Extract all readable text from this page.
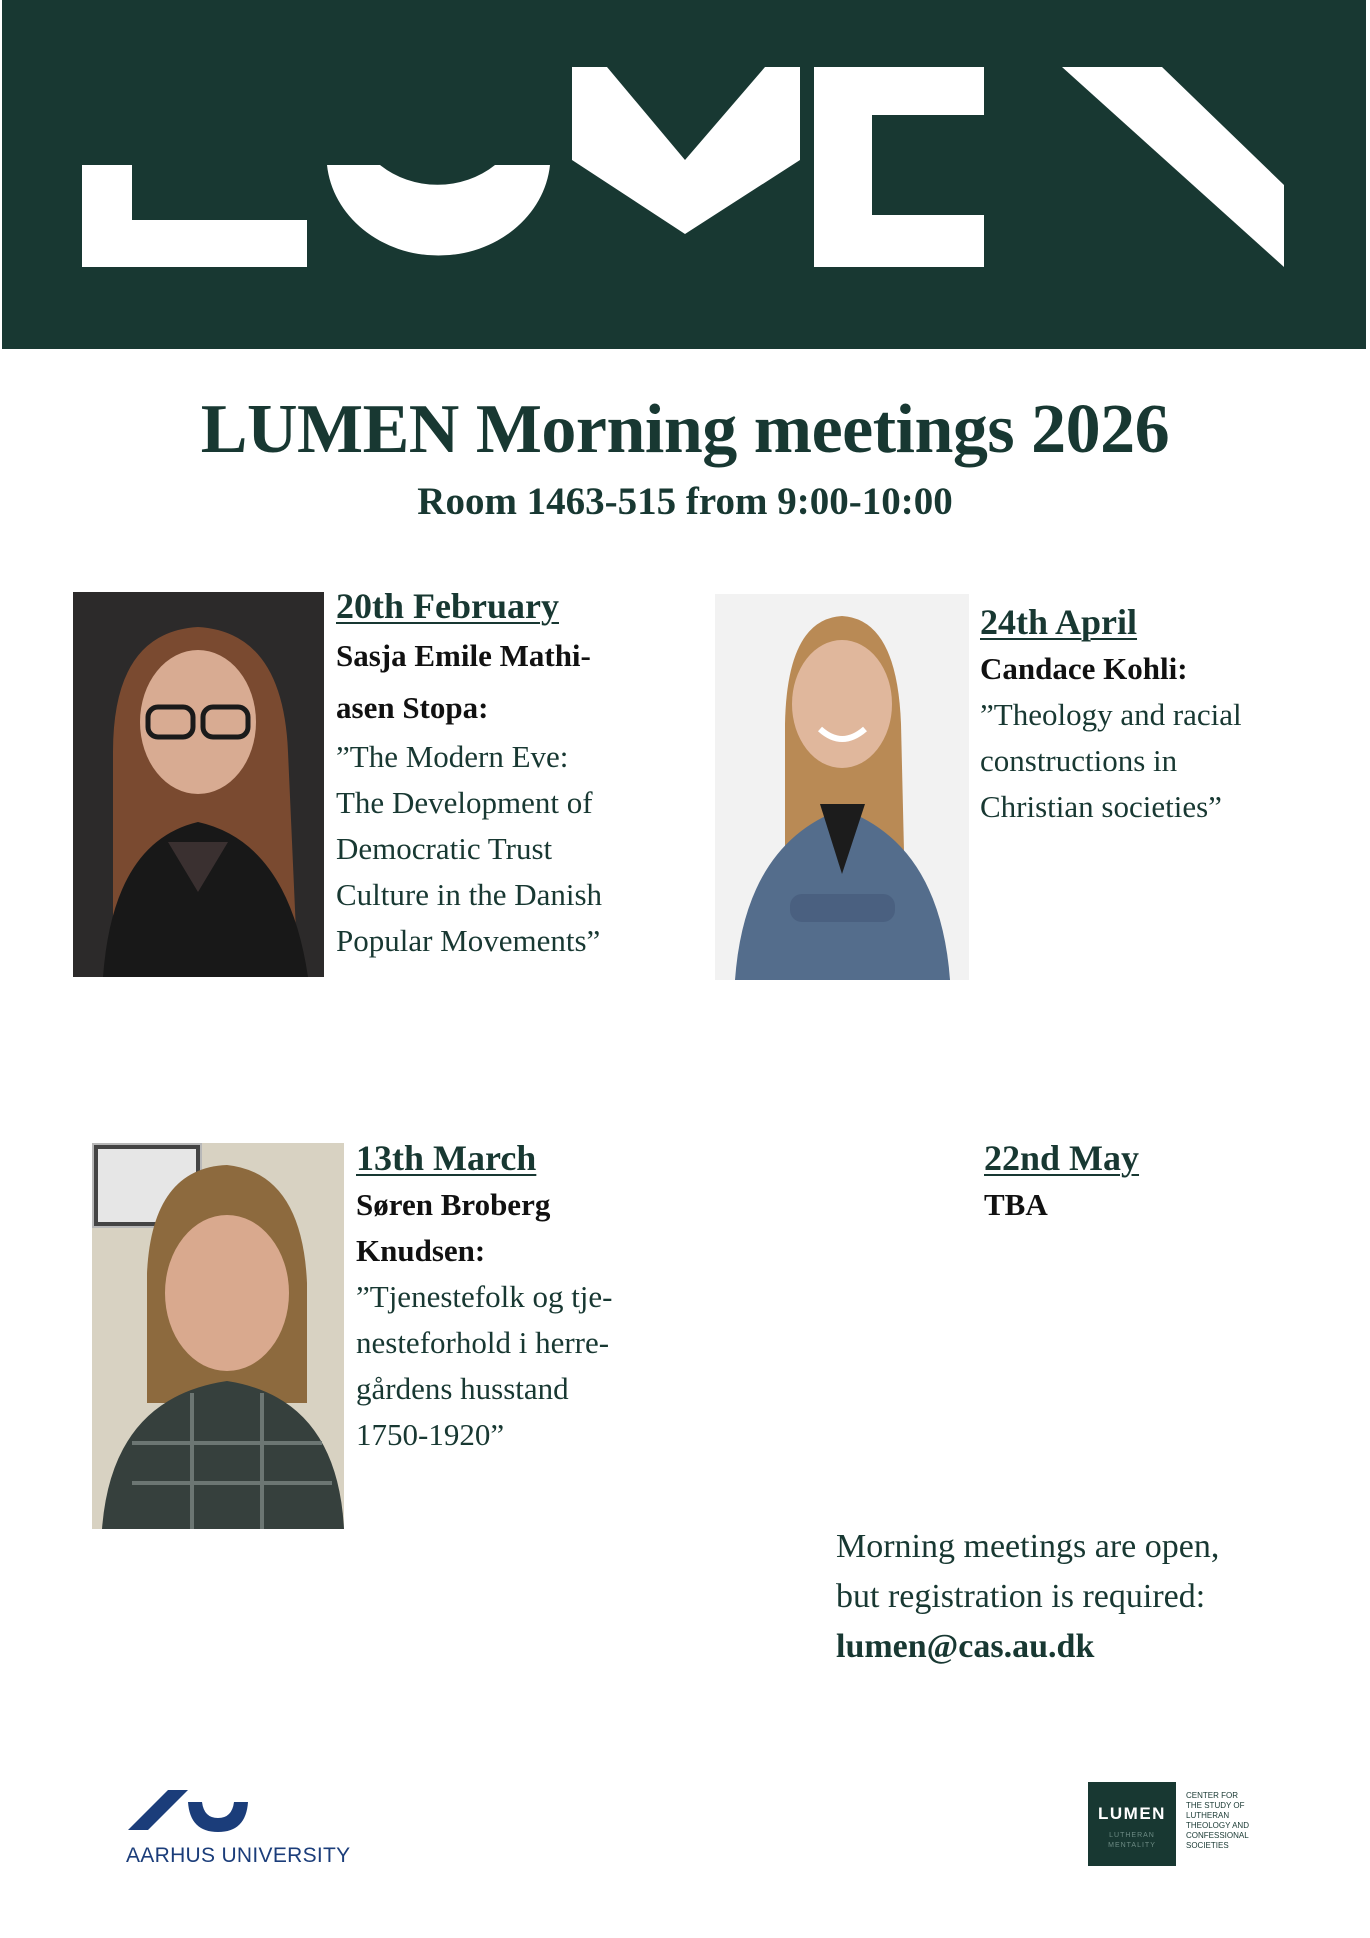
LUMEN Morning meetings 2026
Room 1463-515 from 9:00-10:00
20th February
Sasja Emile Mathi-
asen Stopa:
”The Modern Eve:
The Development of
Democratic Trust
Culture in the Danish
Popular Movements”
24th April
Candace Kohli:
”Theology and racial
constructions in
Christian societies”
13th March
Søren Broberg
Knudsen:
”Tjenestefolk og tje-
nesteforhold i herre-
gårdens husstand
1750-1920”
22nd May
TBA
Morning meetings are open,
but registration is required:
lumen@cas.au.dk
AARHUS UNIVERSITY
LUMEN
LUTHERAN
MENTALITY
CENTER FOR
THE STUDY OF
LUTHERAN
THEOLOGY AND
CONFESSIONAL
SOCIETIES
